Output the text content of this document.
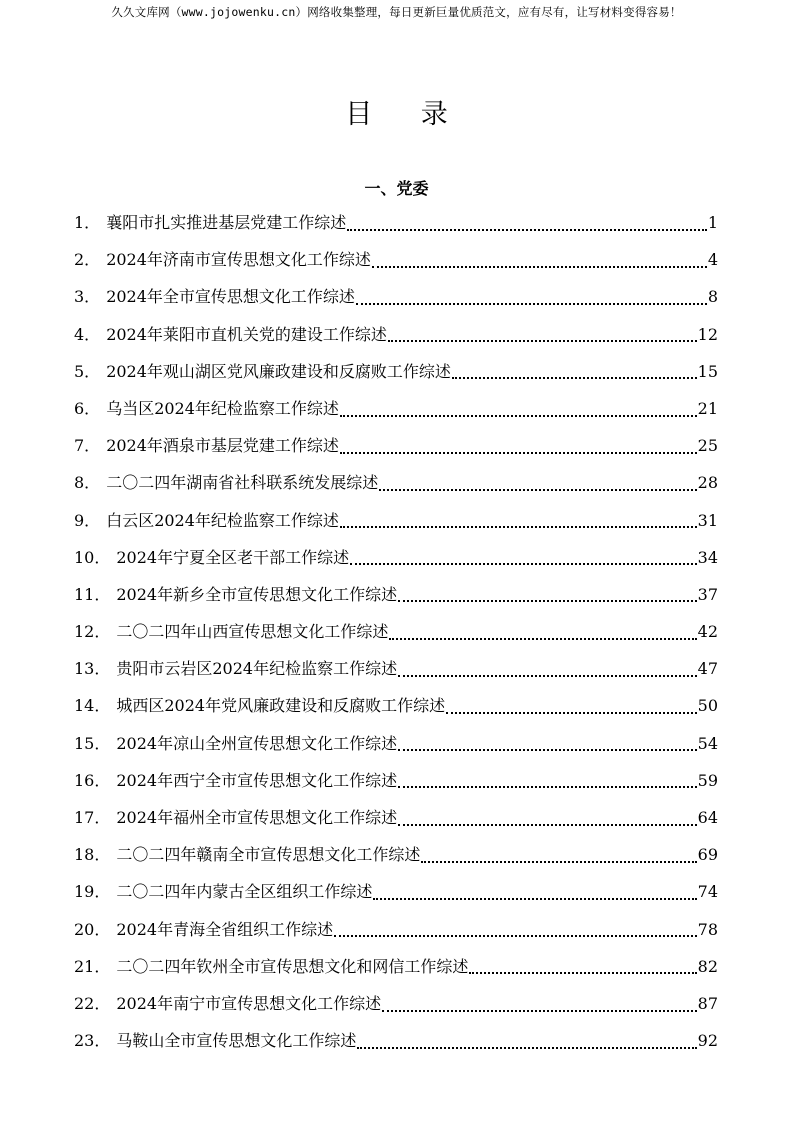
久久文库网（www.jojowenku.cn）网络收集整理，每日更新巨量优质范文，应有尽有，让写材料变得容易！
目 录
一、党委
1． 襄阳市扎实推进基层党建工作综述	1
2． 2024年济南市宣传思想文化工作综述	4
3． 2024年全市宣传思想文化工作综述	8
4． 2024年莱阳市直机关党的建设工作综述	12
5． 2024年观山湖区党风廉政建设和反腐败工作综述	15
6． 乌当区2024年纪检监察工作综述	21
7． 2024年酒泉市基层党建工作综述	25
8． 二〇二四年湖南省社科联系统发展综述	28
9． 白云区2024年纪检监察工作综述	31
10． 2024年宁夏全区老干部工作综述	34
11． 2024年新乡全市宣传思想文化工作综述	37
12． 二〇二四年山西宣传思想文化工作综述	42
13． 贵阳市云岩区2024年纪检监察工作综述	47
14． 城西区2024年党风廉政建设和反腐败工作综述	50
15． 2024年凉山全州宣传思想文化工作综述	54
16． 2024年西宁全市宣传思想文化工作综述	59
17． 2024年福州全市宣传思想文化工作综述	64
18． 二〇二四年赣南全市宣传思想文化工作综述	69
19． 二〇二四年内蒙古全区组织工作综述	74
20． 2024年青海全省组织工作综述	78
21． 二〇二四年钦州全市宣传思想文化和网信工作综述	82
22． 2024年南宁市宣传思想文化工作综述	87
23． 马鞍山全市宣传思想文化工作综述	92
